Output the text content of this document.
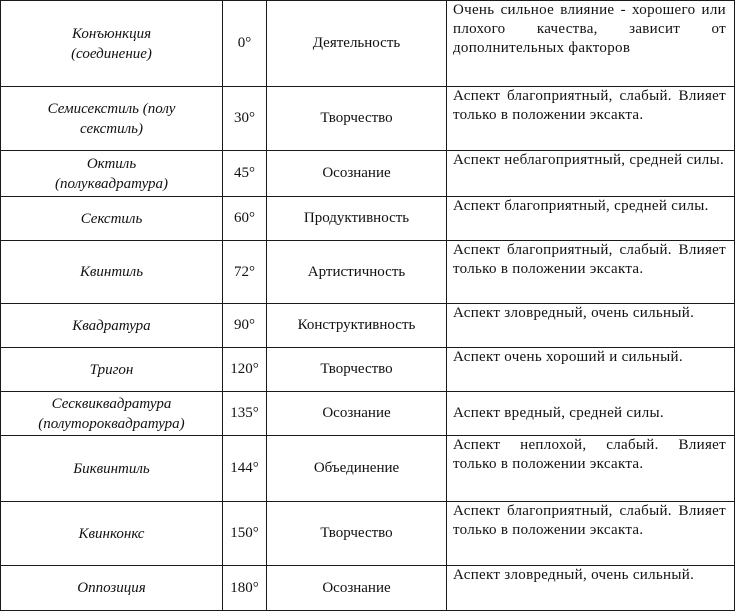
Конъюнкция
(соединение)	0°	Деятельность	Очень сильное влияние - хорошего или плохого качества, зависит от дополнительных факторов

Семисекстиль (полу
секстиль)	30°	Творчество	Аспект благоприятный, слабый. Влияет только в положении эксакта.

Октиль
(полуквадратура)	45°	Осознание	Аспект неблагоприятный, средней силы.

Секстиль	60°	Продуктивность	Аспект благоприятный, средней силы.

Квинтиль	72°	Артистичность	Аспект благоприятный, слабый. Влияет только в положении эксакта.

Квадратура	90°	Конструктивность	Аспект зловредный, очень сильный.

Тригон	120°	Творчество	Аспект очень хороший и сильный.

Сесквиквадратура
(полутороквадратура)	135°	Осознание	Аспект вредный, средней силы.

Биквинтиль	144°	Объединение	Аспект неплохой, слабый. Влияет только в положении эксакта.

Квинконкс	150°	Творчество	Аспект благоприятный, слабый. Влияет только в положении эксакта.

Оппозиция	180°	Осознание	Аспект зловредный, очень сильный.
